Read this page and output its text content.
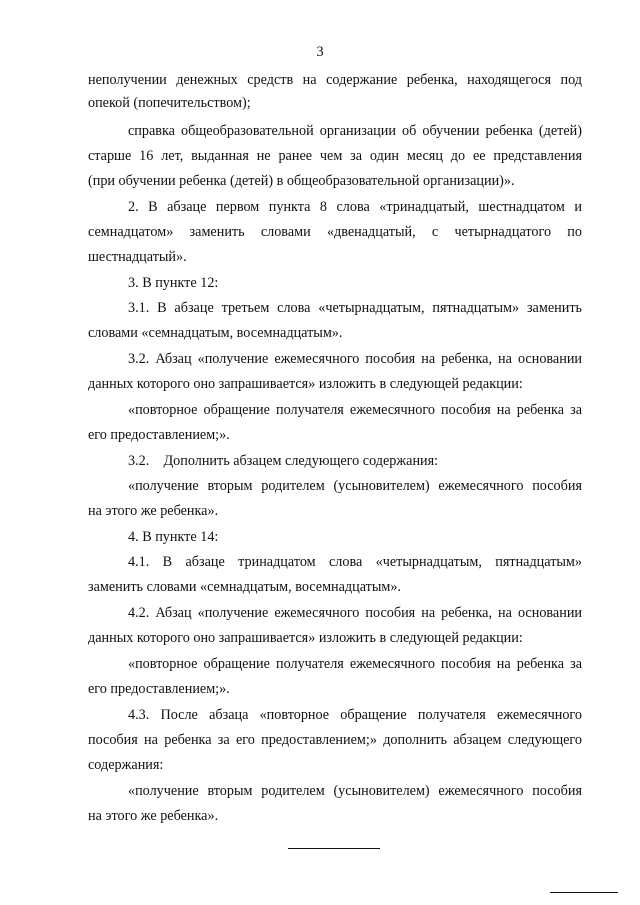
3
неполучении денежных средств на содержание ребенка, находящегося под
опекой (попечительством);
справка общеобразовательной организации об обучении ребенка (детей)
старше 16 лет, выданная не ранее чем за один месяц до ее представления
(при обучении ребенка (детей) в общеобразовательной организации)».
2. В абзаце первом пункта 8 слова «тринадцатый, шестнадцатом и
семнадцатом» заменить словами «двенадцатый, с четырнадцатого по
шестнадцатый».
3. В пункте 12:
3.1. В абзаце третьем слова «четырнадцатым, пятнадцатым» заменить
словами «семнадцатым, восемнадцатым».
3.2. Абзац «получение ежемесячного пособия на ребенка, на основании
данных которого оно запрашивается» изложить в следующей редакции:
«повторное обращение получателя ежемесячного пособия на ребенка за
его предоставлением;».
3.2.    Дополнить абзацем следующего содержания:
«получение вторым родителем (усыновителем) ежемесячного пособия
на этого же ребенка».
4. В пункте 14:
4.1. В абзаце тринадцатом слова «четырнадцатым, пятнадцатым»
заменить словами «семнадцатым, восемнадцатым».
4.2. Абзац «получение ежемесячного пособия на ребенка, на основании
данных которого оно запрашивается» изложить в следующей редакции:
«повторное обращение получателя ежемесячного пособия на ребенка за
его предоставлением;».
4.3. После абзаца «повторное обращение получателя ежемесячного
пособия на ребенка за его предоставлением;» дополнить абзацем следующего
содержания:
«получение вторым родителем (усыновителем) ежемесячного пособия
на этого же ребенка».
